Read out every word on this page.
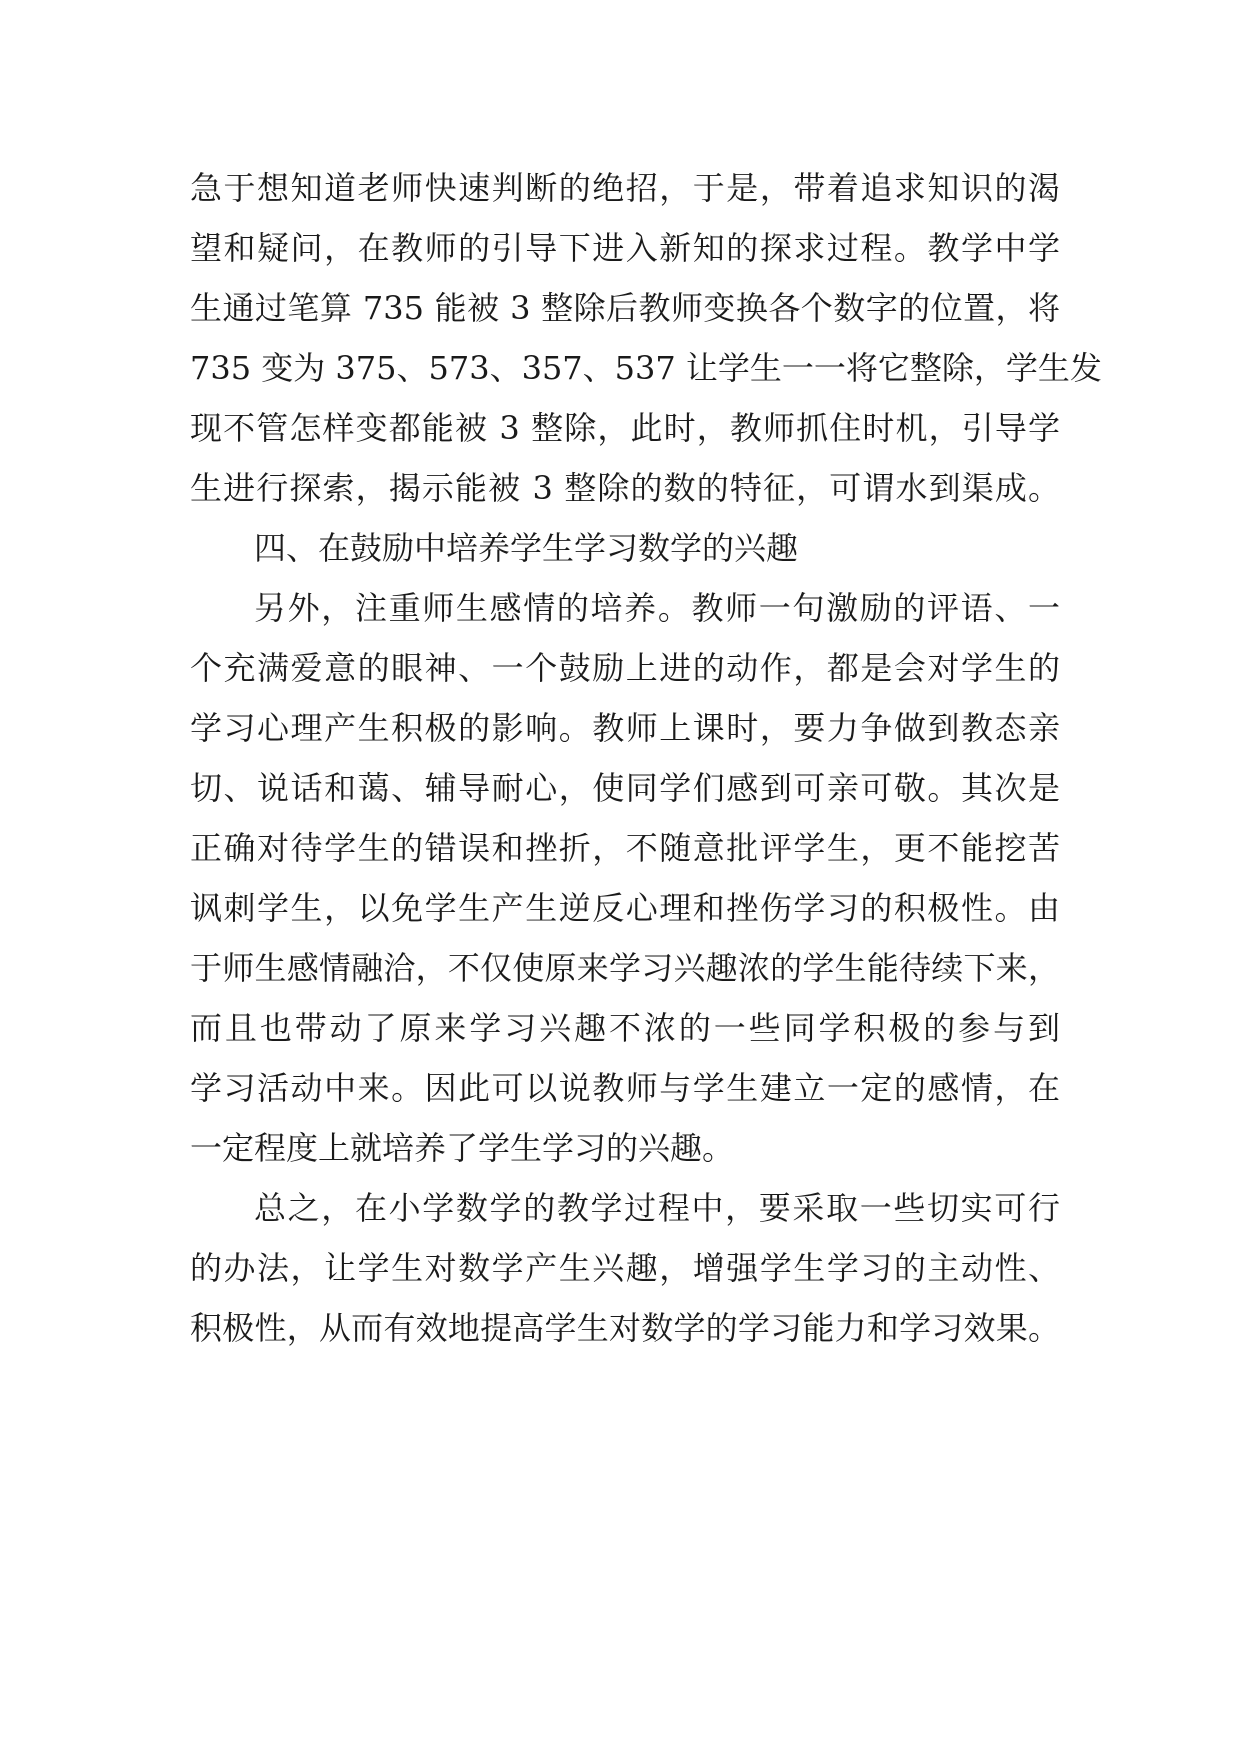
急于想知道老师快速判断的绝招，于是，带着追求知识的渴
望和疑问，在教师的引导下进入新知的探求过程。教学中学
生通过笔算 735 能被 3 整除后教师变换各个数字的位置，将
735 变为 375、573、357、537 让学生一一将它整除，学生发
现不管怎样变都能被 3 整除，此时，教师抓住时机，引导学
生进行探索，揭示能被 3 整除的数的特征，可谓水到渠成。

四、在鼓励中培养学生学习数学的兴趣

另外，注重师生感情的培养。教师一句激励的评语、一
个充满爱意的眼神、一个鼓励上进的动作，都是会对学生的
学习心理产生积极的影响。教师上课时，要力争做到教态亲
切、说话和蔼、辅导耐心，使同学们感到可亲可敬。其次是
正确对待学生的错误和挫折，不随意批评学生，更不能挖苦
讽刺学生，以免学生产生逆反心理和挫伤学习的积极性。由
于师生感情融洽，不仅使原来学习兴趣浓的学生能待续下来，
而且也带动了原来学习兴趣不浓的一些同学积极的参与到
学习活动中来。因此可以说教师与学生建立一定的感情，在
一定程度上就培养了学生学习的兴趣。

总之，在小学数学的教学过程中，要采取一些切实可行
的办法，让学生对数学产生兴趣，增强学生学习的主动性、
积极性，从而有效地提高学生对数学的学习能力和学习效果。
